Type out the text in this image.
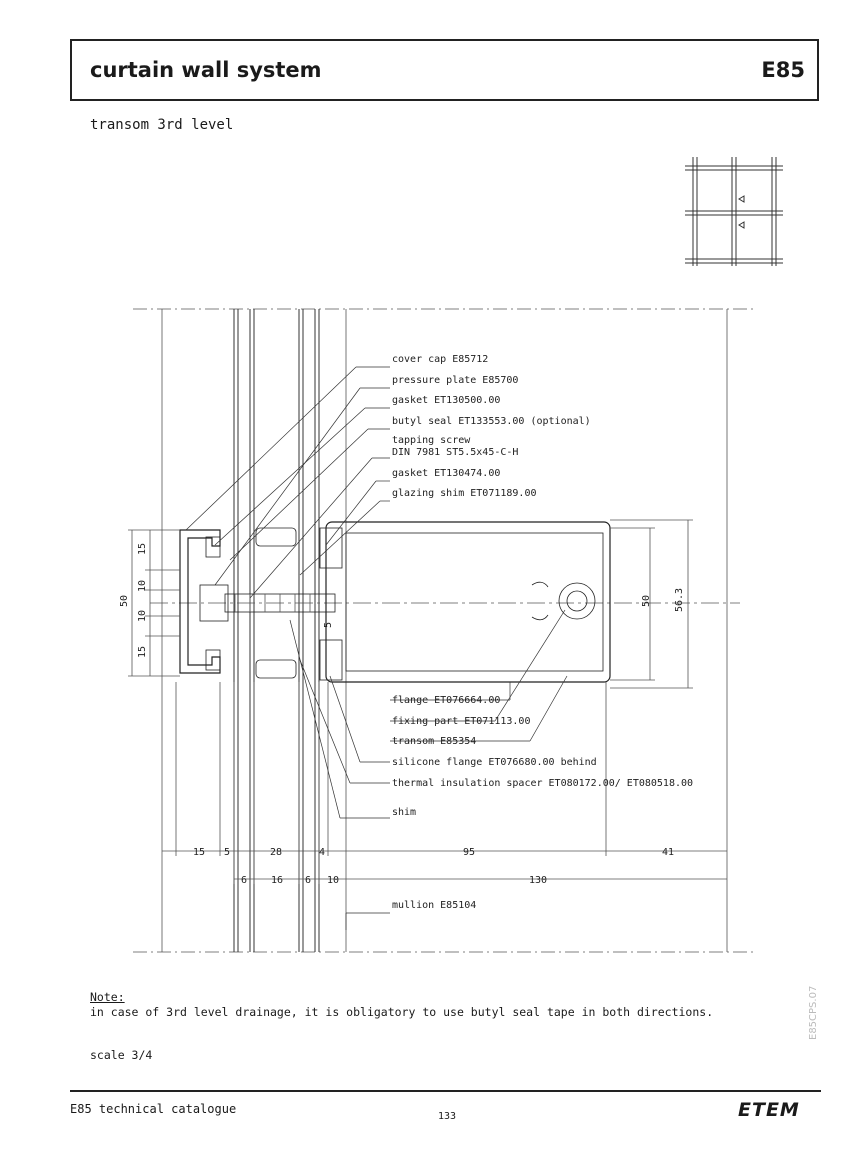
curtain wall system	E85
transom 3rd level
cover cap E85712
pressure plate E85700
gasket ET130500.00
butyl seal ET133553.00 (optional)
tapping screw
DIN 7981 ST5.5x45-C-H
gasket ET130474.00
glazing shim ET071189.00
flange ET076664.00
fixing part ET071113.00
transom E85354
silicone flange ET076680.00 behind
thermal insulation spacer ET080172.00/ ET080518.00
shim
mullion E85104
15 5	28	4	95	41
6 16 6 10	130
15
10
10
15
50	50 56.3
5
Note:
in case of 3rd level drainage, it is obligatory to use butyl seal tape in both directions.
scale 3/4
E85CPS.07
E85 technical catalogue
133	ETEM
